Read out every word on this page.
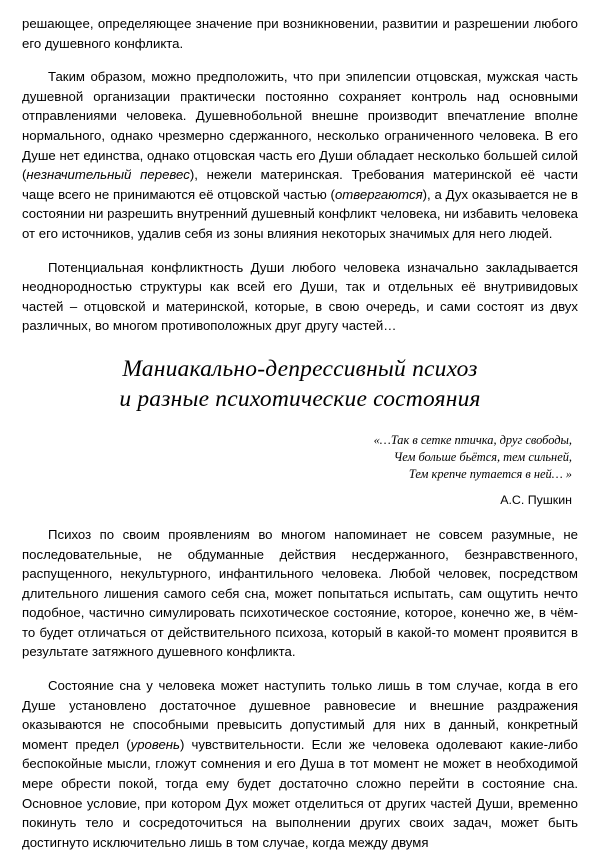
решающее, определяющее значение при возникновении, развитии и разрешении любого его душевного конфликта.

Таким образом, можно предположить, что при эпилепсии отцовская, мужская часть душевной организации практически постоянно сохраняет контроль над основными отправлениями человека. Душевнобольной внешне производит впечатление вполне нормального, однако чрезмерно сдержанного, несколько ограниченного человека. В его Душе нет единства, однако отцовская часть его Души обладает несколько большей силой (незначительный перевес), нежели материнская. Требования материнской её части чаще всего не принимаются её отцовской частью (отвергаются), а Дух оказывается не в состоянии ни разрешить внутренний душевный конфликт человека, ни избавить человека от его источников, удалив себя из зоны влияния некоторых значимых для него людей.

Потенциальная конфликтность Души любого человека изначально закладывается неоднородностью структуры как всей его Души, так и отдельных её внутривидовых частей – отцовской и материнской, которые, в свою очередь, и сами состоят из двух различных, во многом противоположных друг другу частей…

Маниакально-депрессивный психоз
и разные психотические состояния
«…Так в сетке птичка, друг свободы,
Чем больше бьётся, тем сильней,
Тем крепче путается в ней… »
А.С. Пушкин

Психоз по своим проявлениям во многом напоминает не совсем разумные, не последовательные, не обдуманные действия несдержанного, безнравственного, распущенного, некультурного, инфантильного человека. Любой человек, посредством длительного лишения самого себя сна, может попытаться испытать, сам ощутить нечто подобное, частично симулировать психотическое состояние, которое, конечно же, в чём-то будет отличаться от действительного психоза, который в какой-то момент проявится в результате затяжного душевного конфликта.

Состояние сна у человека может наступить только лишь в том случае, когда в его Душе установлено достаточное душевное равновесие и внешние раздражения оказываются не способными превысить допустимый для них в данный, конкретный момент предел (уровень) чувствительности. Если же человека одолевают какие-либо беспокойные мысли, гложут сомнения и его Душа в тот момент не может в необходимой мере обрести покой, тогда ему будет достаточно сложно перейти в состояние сна. Основное условие, при котором Дух может отделиться от других частей Души, временно покинуть тело и сосредоточиться на выполнении других своих задач, может быть достигнуто исключительно лишь в том случае, когда между двумя
